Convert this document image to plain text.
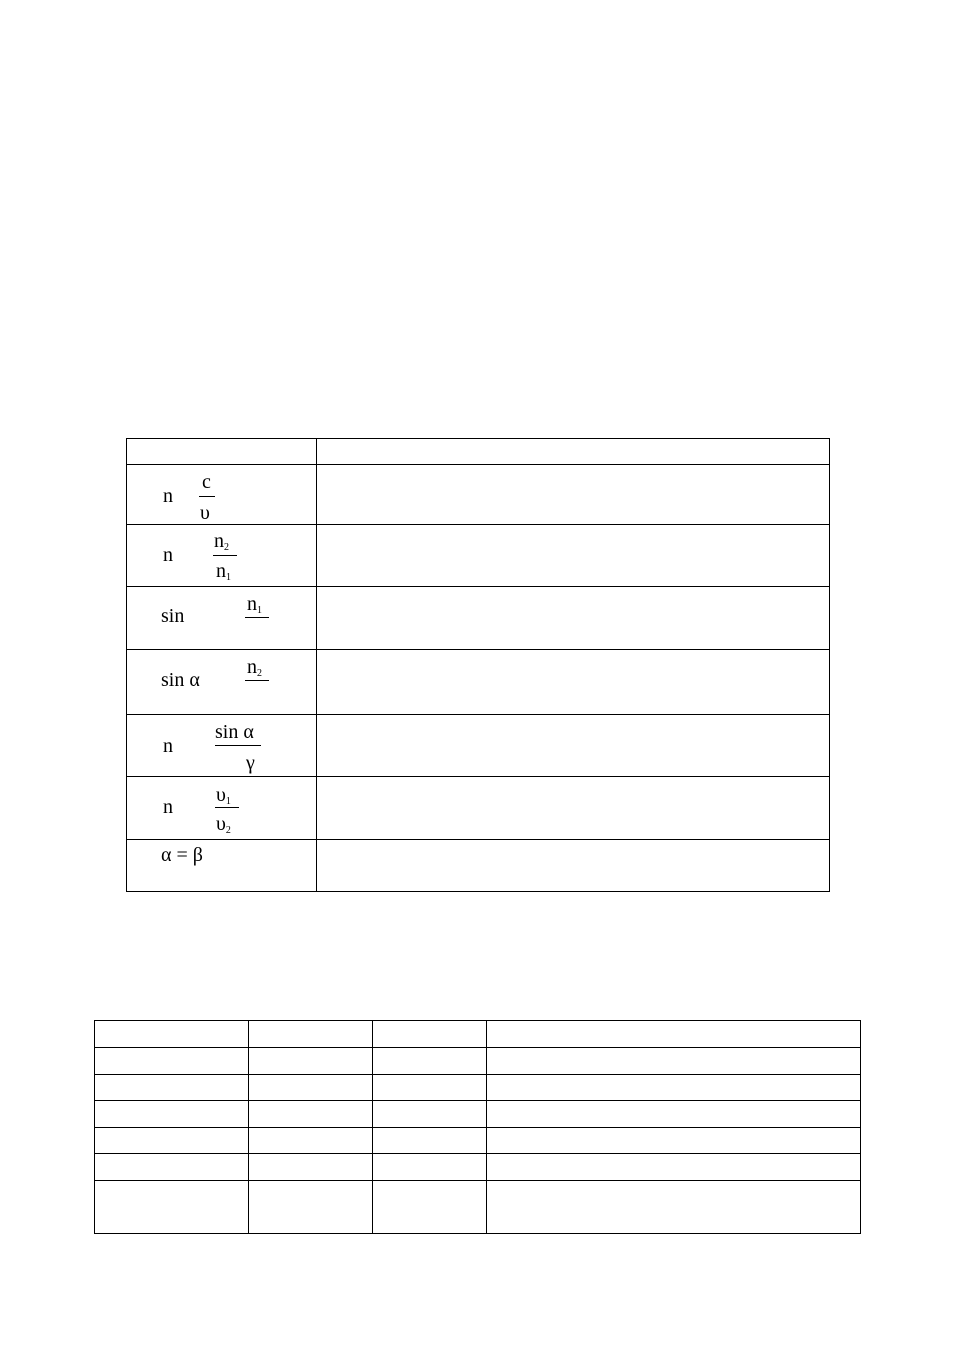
n
c
υ	

n
$n_2$
$n_1$

sin
$n_1$

sin α
$n_2$

n
sin α
γ	

n
$\upsilon_1$
$\upsilon_2$

α = β	
